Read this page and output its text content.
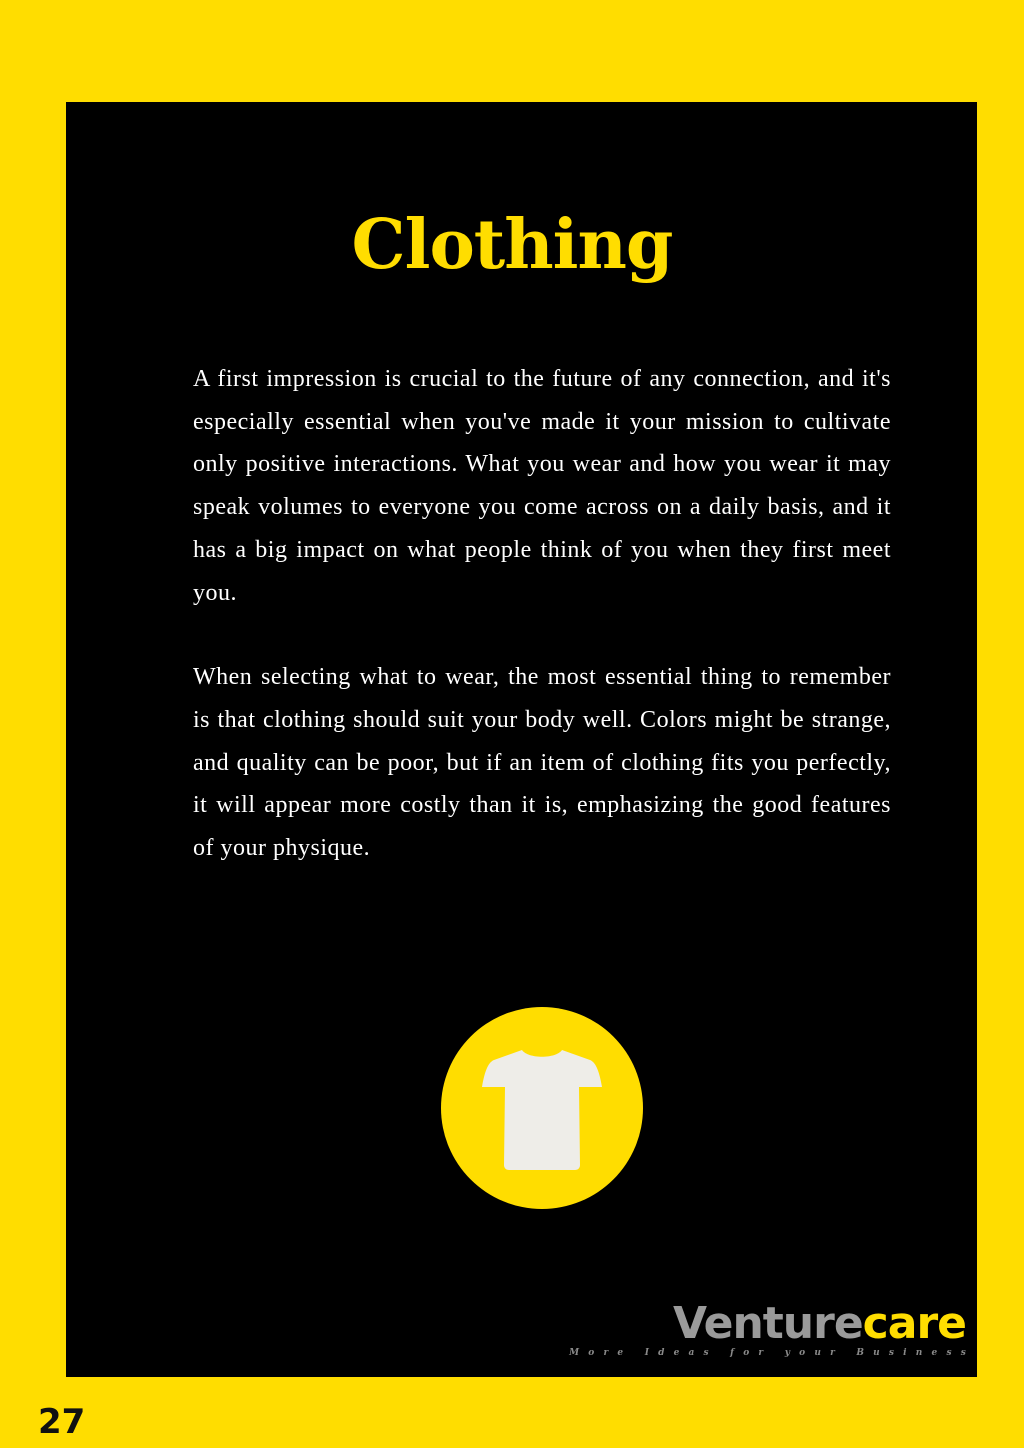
Clothing

A first impression is crucial to the future of any connection, and it's especially essential when you've made it your mission to cultivate only positive interactions. What you wear and how you wear it may speak volumes to everyone you come across on a daily basis, and it has a big impact on what people think of you when they first meet you.

When selecting what to wear, the most essential thing to remember is that clothing should suit your body well. Colors might be strange, and quality can be poor, but if an item of clothing fits you perfectly, it will appear more costly than it is, emphasizing the good features of your physique.

Venturecare
More Ideas for your Business
27
